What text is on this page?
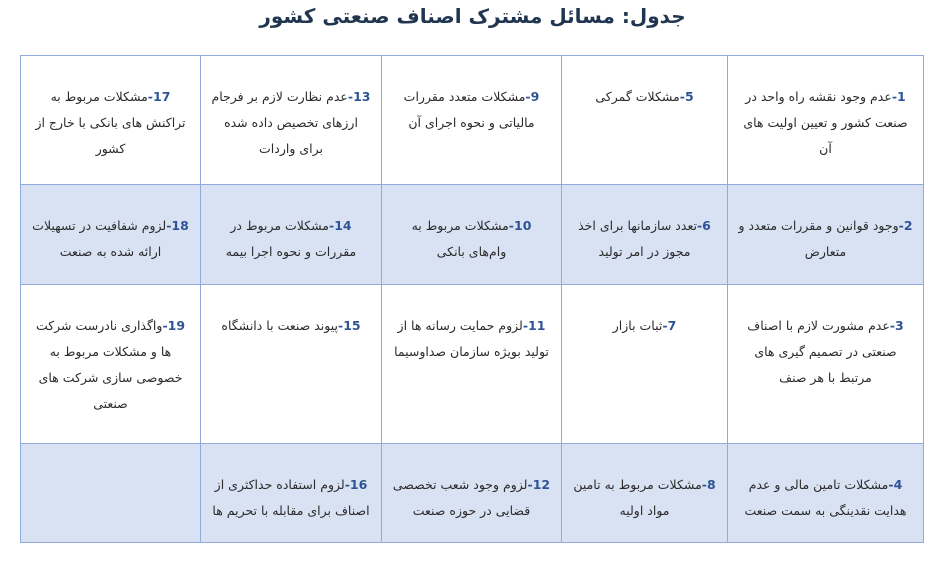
جدول: مسائل مشترک اصناف صنعتی کشور
1-عدم وجود نقشه راه واحد در صنعت کشور و تعیین اولیت های آن	5-مشکلات گمرکی	9-مشکلات متعدد مقررات مالیاتی و نحوه اجرای آن	13-عدم نظارت لازم بر فرجام ارزهای تخصیص داده شده برای واردات	17-مشکلات مربوط به تراکنش های بانکی با خارج از کشور
2-وجود قوانین و مقررات متعدد و متعارض	6-تعدد سازمانها برای اخذ مجوز در امر تولید	10-مشکلات مربوط به وام‌های بانکی	14-مشکلات مربوط در مقررات و نحوه اجرا بیمه	18-لزوم شفافیت در تسهیلات ارائه شده به صنعت
3-عدم مشورت لازم با اصناف صنعتی در تصمیم گیری های مرتبط با هر صنف	7-ثبات بازار	11-لزوم حمایت رسانه ها از تولید بویژه سازمان صداوسیما	15-پیوند صنعت با دانشگاه	19-واگذاری نادرست شرکت ها و مشکلات مربوط به خصوصی سازی شرکت های صنعتی
4-مشکلات تامین مالی و عدم هدایت نقدینگی به سمت صنعت	8-مشکلات مربوط به تامین مواد اولیه	12-لزوم وجود شعب تخصصی قضایی در حوزه صنعت	16-لزوم استفاده حداکثری از اصناف برای مقابله با تحریم ها	
